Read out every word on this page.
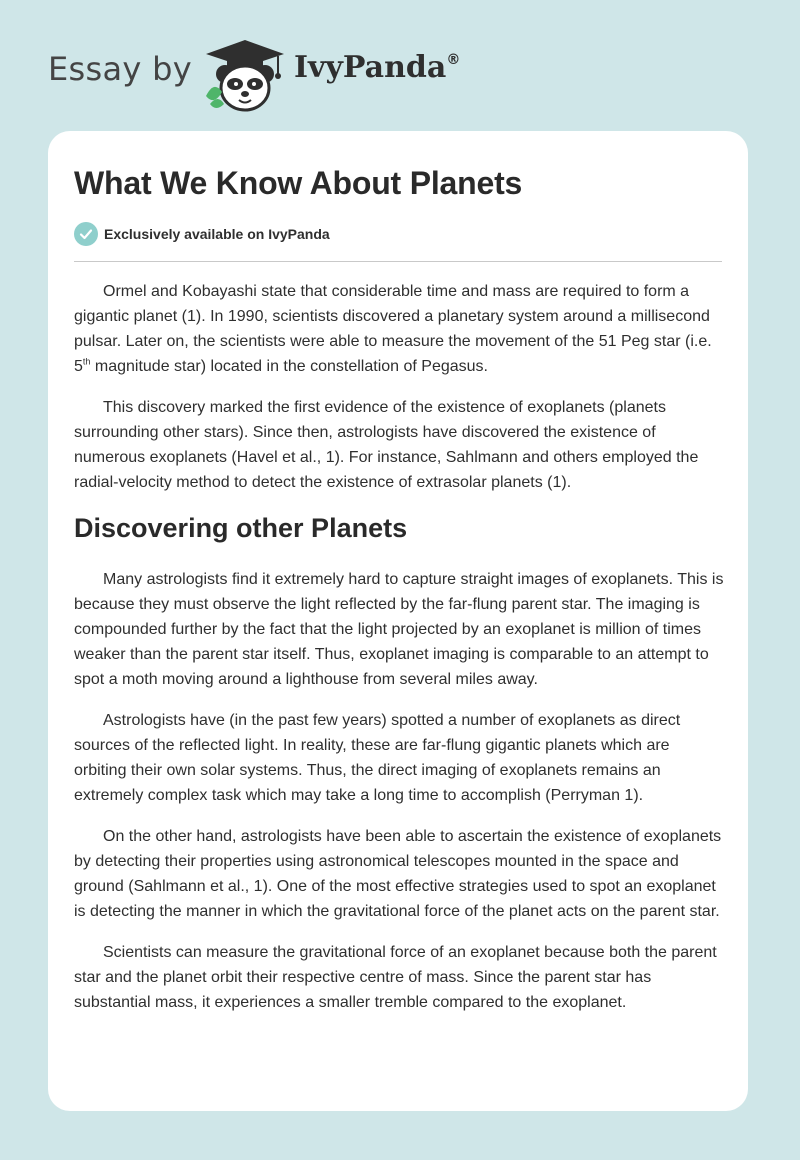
Essay by	IvyPanda®
What We Know About Planets
Exclusively available on IvyPanda

Ormel and Kobayashi state that considerable time and mass are required to form a gigantic planet (1). In 1990, scientists discovered a planetary system around a millisecond pulsar. Later on, the scientists were able to measure the movement of the 51 Peg star (i.e. 5th magnitude star) located in the constellation of Pegasus.

This discovery marked the first evidence of the existence of exoplanets (planets surrounding other stars). Since then, astrologists have discovered the existence of numerous exoplanets (Havel et al., 1). For instance, Sahlmann and others employed the radial-velocity method to detect the existence of extrasolar planets (1).

Discovering other Planets

Many astrologists find it extremely hard to capture straight images of exoplanets. This is because they must observe the light reflected by the far-flung parent star. The imaging is compounded further by the fact that the light projected by an exoplanet is million of times weaker than the parent star itself. Thus, exoplanet imaging is comparable to an attempt to spot a moth moving around a lighthouse from several miles away.

Astrologists have (in the past few years) spotted a number of exoplanets as direct sources of the reflected light. In reality, these are far-flung gigantic planets which are orbiting their own solar systems. Thus, the direct imaging of exoplanets remains an extremely complex task which may take a long time to accomplish (Perryman 1).

On the other hand, astrologists have been able to ascertain the existence of exoplanets by detecting their properties using astronomical telescopes mounted in the space and ground (Sahlmann et al., 1). One of the most effective strategies used to spot an exoplanet is detecting the manner in which the gravitational force of the planet acts on the parent star.

Scientists can measure the gravitational force of an exoplanet because both the parent star and the planet orbit their respective centre of mass. Since the parent star has substantial mass, it experiences a smaller tremble compared to the exoplanet.
